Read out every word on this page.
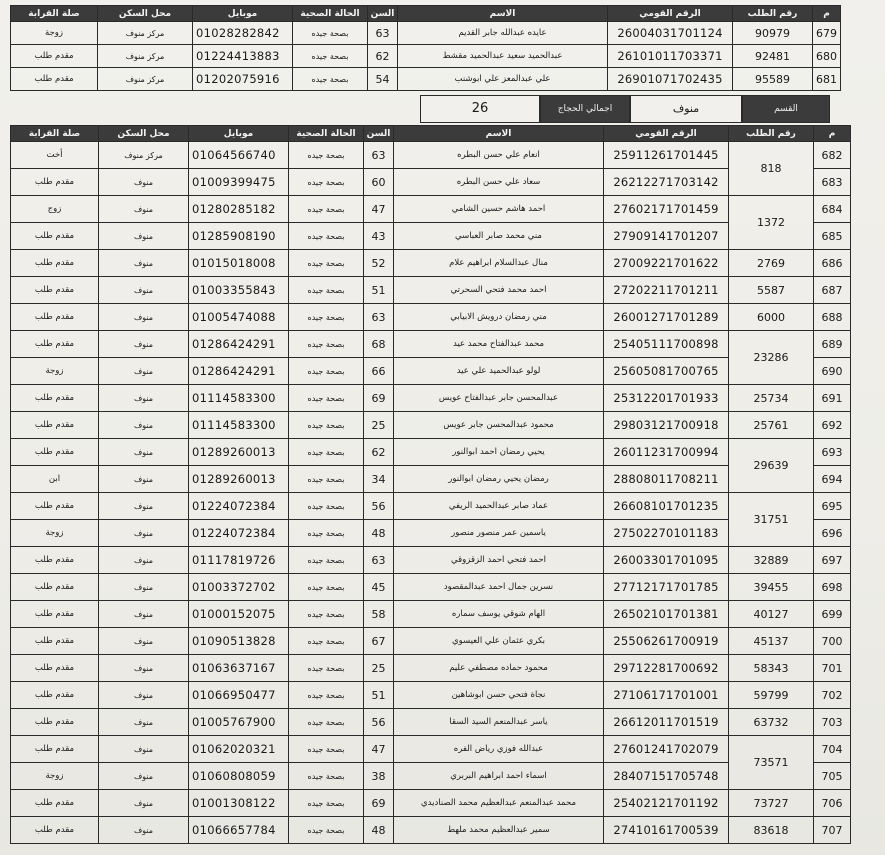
م	رقم الطلب	الرقم القومي	الاسم	السن	الحالة الصحية	موبايل	محل السكن	صلة القرابة
679	90979	26004031701124	عايده عبدالله جابر القديم	63	بصحة جيده	01028282842	مركز منوف	زوجة
680	92481	26101011703371	عبدالحميد سعيد عبدالحميد مقشط	62	بصحة جيده	01224413883	مركز منوف	مقدم طلب
681	95589	26901071702435	علي عبدالمعز علي ابوشنب	54	بصحة جيده	01202075916	مركز منوف	مقدم طلب
القسم
منوف
اجمالي الحجاج
26
م	رقم الطلب	الرقم القومي	الاسم	السن	الحالة الصحية	موبايل	محل السكن	صلة القرابة
682	818	25911261701445	انعام علي حسن البطره	63	بصحة جيده	01064566740	مركز منوف	أخت
683		26212271703142	سعاد علي حسن البطره	60	بصحة جيده	01009399475	منوف	مقدم طلب
684	1372	27602171701459	احمد هاشم حسين الشامي	47	بصحة جيده	01280285182	منوف	زوج
685		27909141701207	مني محمد صابر العباسي	43	بصحة جيده	01285908190	منوف	مقدم طلب
686	2769	27009221701622	منال عبدالسلام ابراهيم علام	52	بصحة جيده	01015018008	منوف	مقدم طلب
687	5587	27202211701211	احمد محمد فتحي السحرتي	51	بصحة جيده	01003355843	منوف	مقدم طلب
688	6000	26001271701289	مني رمضان درويش الابيابي	63	بصحة جيده	01005474088	منوف	مقدم طلب
689	23286	25405111700898	محمد عبدالفتاح محمد عيد	68	بصحة جيده	01286424291	منوف	مقدم طلب
690		25605081700765	لولو عبدالحميد علي عيد	66	بصحة جيده	01286424291	منوف	زوجة
691	25734	25312201701933	عبدالمحسن جابر عبدالفتاح عويس	69	بصحة جيده	01114583300	منوف	مقدم طلب
692	25761	29803121700918	محمود عبدالمحسن جابر عويس	25	بصحة جيده	01114583300	منوف	مقدم طلب
693	29639	26011231700994	يحيي رمضان احمد ابوالنور	62	بصحة جيده	01289260013	منوف	مقدم طلب
694		28808011708211	رمضان يحيي رمضان ابوالنور	34	بصحة جيده	01289260013	منوف	ابن
695	31751	26608101701235	عماد صابر عبدالحميد الريفي	56	بصحة جيده	01224072384	منوف	مقدم طلب
696		27502270101183	ياسمين عمر منصور منصور	48	بصحة جيده	01224072384	منوف	زوجة
697	32889	26003301701095	احمد فتحي احمد الزقزوقي	63	بصحة جيده	01117819726	منوف	مقدم طلب
698	39455	27712171701785	نسرين جمال احمد عبدالمقصود	45	بصحة جيده	01003372702	منوف	مقدم طلب
699	40127	26502101701381	الهام شوقي يوسف سماره	58	بصحة جيده	01000152075	منوف	مقدم طلب
700	45137	25506261700919	بكري عثمان علي العيسوي	67	بصحة جيده	01090513828	منوف	مقدم طلب
701	58343	29712281700692	محمود حماده مصطفي عليم	25	بصحة جيده	01063637167	منوف	مقدم طلب
702	59799	27106171701001	نجاة فتحي حسن ابوشاهين	51	بصحة جيده	01066950477	منوف	مقدم طلب
703	63732	26612011701519	ياسر عبدالمنعم السيد السقا	56	بصحة جيده	01005767900	منوف	مقدم طلب
704	73571	27601241702079	عبدالله فوزي رياض الفره	47	بصحة جيده	01062020321	منوف	مقدم طلب
705		28407151705748	اسماء احمد ابراهيم البربري	38	بصحة جيده	01060808059	منوف	زوجة
706	73727	25402121701192	محمد عبدالمنعم عبدالعظيم محمد الصناديدي	69	بصحة جيده	01001308122	منوف	مقدم طلب
707	83618	27410161700539	سمير عبدالعظيم محمد ملهط	48	بصحة جيده	01066657784	منوف	مقدم طلب
